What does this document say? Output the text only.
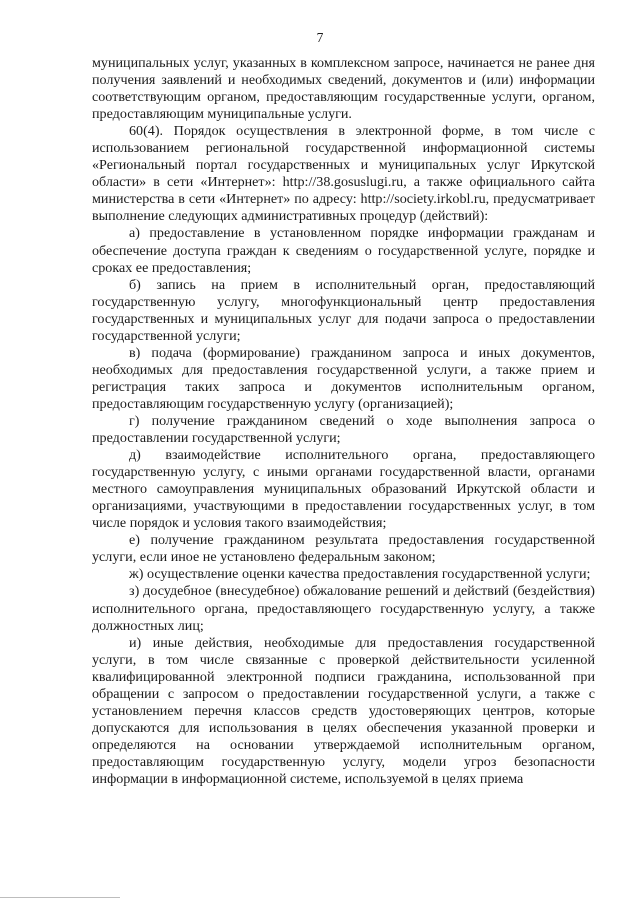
7

муниципальных услуг, указанных в комплексном запросе, начинается не ранее дня получения заявлений и необходимых сведений, документов и (или) информации соответствующим органом, предоставляющим государственные услуги, органом, предоставляющим муниципальные услуги.

60(4). Порядок осуществления в электронной форме, в том числе с использованием региональной государственной информационной системы «Региональный портал государственных и муниципальных услуг Иркутской области» в сети «Интернет»: http://38.gosuslugi.ru, а также официального сайта министерства в сети «Интернет» по адресу: http://society.irkobl.ru, предусматривает выполнение следующих административных процедур (действий):

а) предоставление в установленном порядке информации гражданам и обеспечение доступа граждан к сведениям о государственной услуге, порядке и сроках ее предоставления;

б) запись на прием в исполнительный орган, предоставляющий государственную услугу, многофункциональный центр предоставления государственных и муниципальных услуг для подачи запроса о предоставлении государственной услуги;

в) подача (формирование) гражданином запроса и иных документов, необходимых для предоставления государственной услуги, а также прием и регистрация таких запроса и документов исполнительным органом, предоставляющим государственную услугу (организацией);

г) получение гражданином сведений о ходе выполнения запроса о предоставлении государственной услуги;

д) взаимодействие исполнительного органа, предоставляющего государственную услугу, с иными органами государственной власти, органами местного самоуправления муниципальных образований Иркутской области и организациями, участвующими в предоставлении государственных услуг, в том числе порядок и условия такого взаимодействия;

е) получение гражданином результата предоставления государственной услуги, если иное не установлено федеральным законом;

ж) осуществление оценки качества предоставления государственной услуги;

з) досудебное (внесудебное) обжалование решений и действий (бездействия) исполнительного органа, предоставляющего государственную услугу, а также должностных лиц;

и) иные действия, необходимые для предоставления государственной услуги, в том числе связанные с проверкой действительности усиленной квалифицированной электронной подписи гражданина, использованной при обращении с запросом о предоставлении государственной услуги, а также с установлением перечня классов средств удостоверяющих центров, которые допускаются для использования в целях обеспечения указанной проверки и определяются на основании утверждаемой исполнительным органом, предоставляющим государственную услугу, модели угроз безопасности информации в информационной системе, используемой в целях приема
